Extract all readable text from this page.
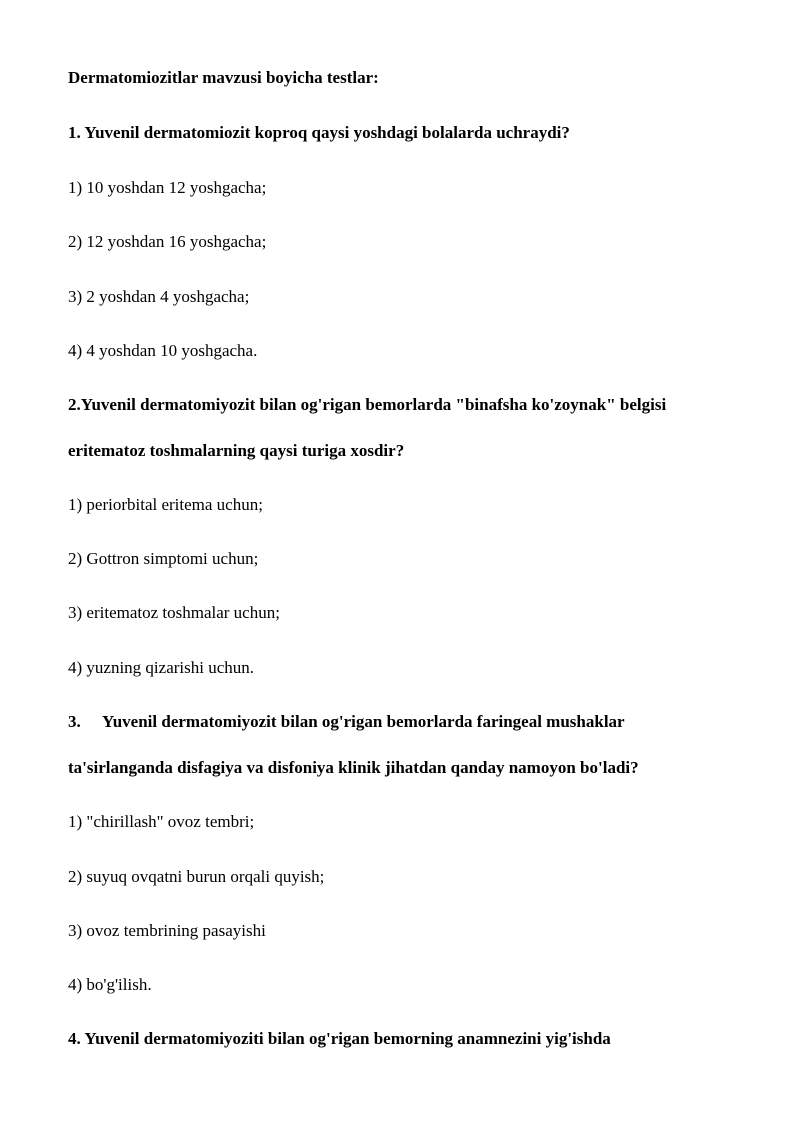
Dermatomiozitlar mavzusi boyicha testlar:
1. Yuvenil dermatomiozit koproq qaysi yoshdagi bolalarda uchraydi?
1) 10 yoshdan 12 yoshgacha;
2) 12 yoshdan 16 yoshgacha;
3) 2 yoshdan 4 yoshgacha;
4) 4 yoshdan 10 yoshgacha.
2.Yuvenil dermatomiyozit bilan og'rigan bemorlarda "binafsha ko'zoynak" belgisi
eritematoz toshmalarning qaysi turiga xosdir?
1) periorbital eritema uchun;
2) Gottron simptomi uchun;
3) eritematoz toshmalar uchun;
4) yuzning qizarishi uchun.
3. Yuvenil dermatomiyozit bilan og'rigan bemorlarda faringeal mushaklar
ta'sirlanganda disfagiya va disfoniya klinik jihatdan qanday namoyon bo'ladi?
1) "chirillash" ovoz tembri;
2) suyuq ovqatni burun orqali quyish;
3) ovoz tembrining pasayishi
4) bo'g'ilish.
4. Yuvenil dermatomiyoziti bilan og'rigan bemorning anamnezini yig'ishda
